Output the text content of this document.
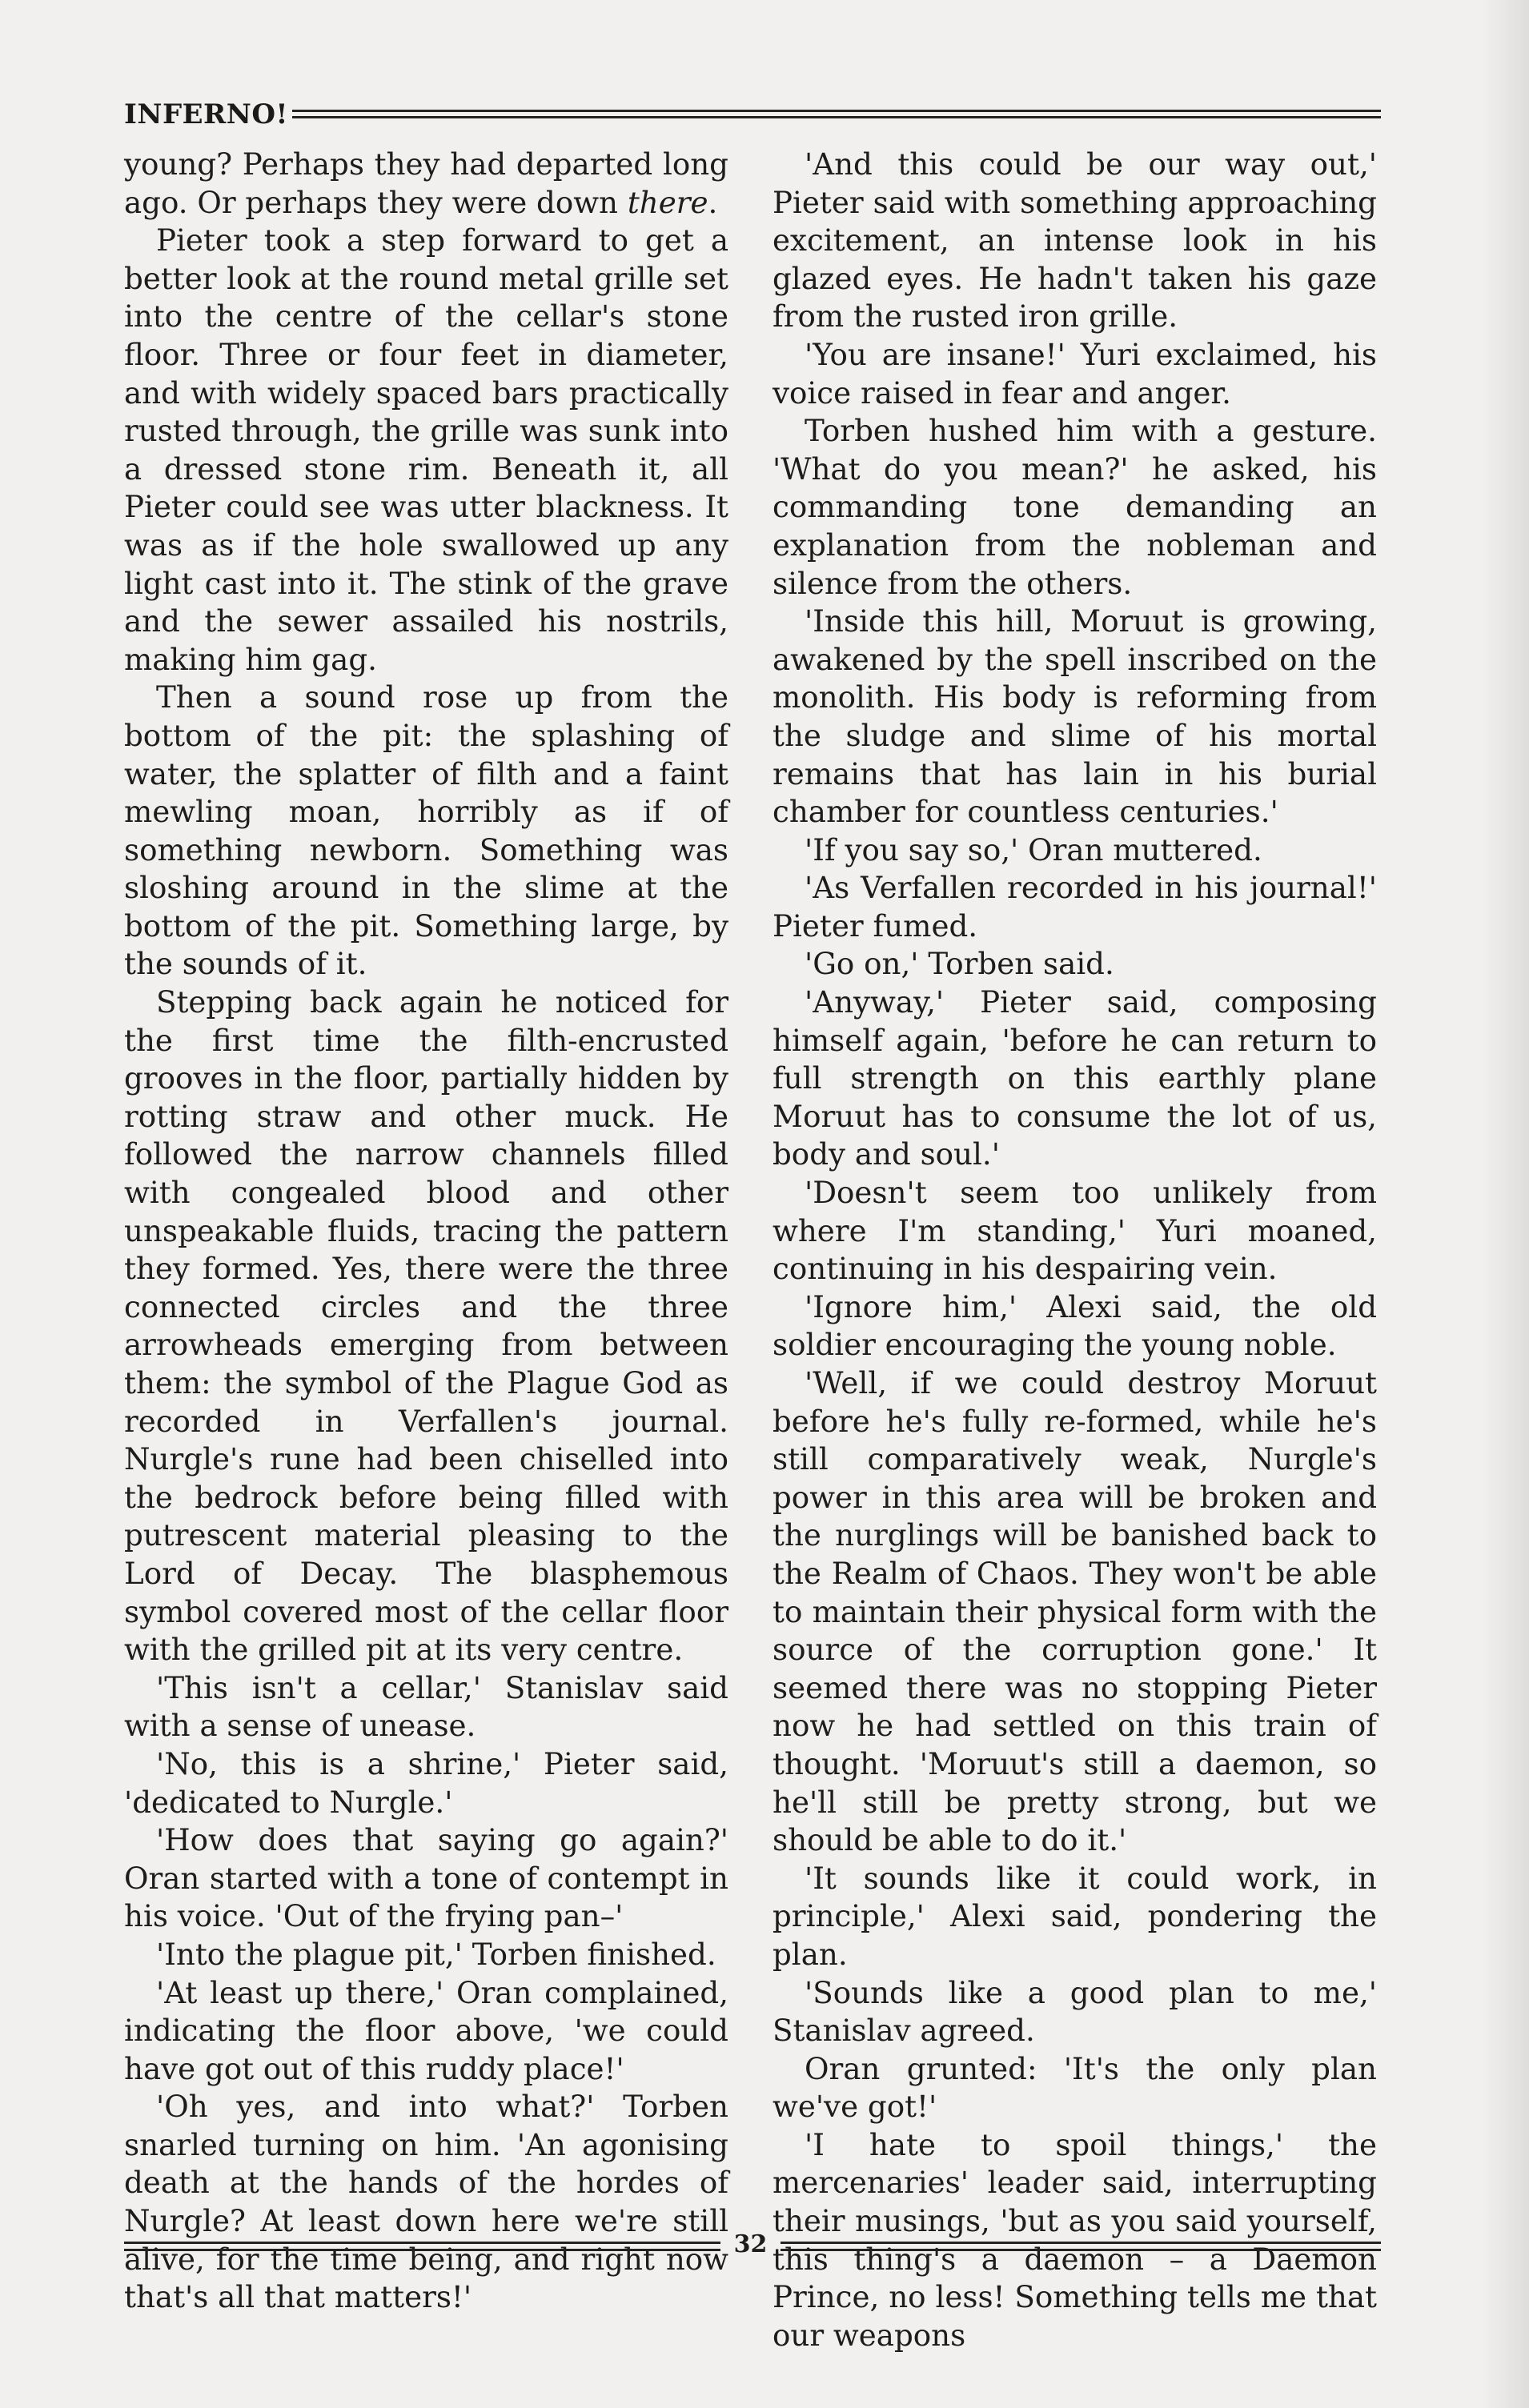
INFERNO!

young? Perhaps they had departed long ago. Or perhaps they were down there.

Pieter took a step forward to get a better look at the round metal grille set into the centre of the cellar's stone floor. Three or four feet in diameter, and with widely spaced bars practically rusted through, the grille was sunk into a dressed stone rim. Beneath it, all Pieter could see was utter blackness. It was as if the hole swallowed up any light cast into it. The stink of the grave and the sewer assailed his nostrils, making him gag.

Then a sound rose up from the bottom of the pit: the splashing of water, the splatter of filth and a faint mewling moan, horribly as if of something newborn. Something was sloshing around in the slime at the bottom of the pit. Something large, by the sounds of it.

Stepping back again he noticed for the first time the filth-encrusted grooves in the floor, partially hidden by rotting straw and other muck. He followed the narrow channels filled with congealed blood and other unspeakable fluids, tracing the pattern they formed. Yes, there were the three connected circles and the three arrowheads emerging from between them: the symbol of the Plague God as recorded in Verfallen's journal. Nurgle's rune had been chiselled into the bedrock before being filled with putrescent material pleasing to the Lord of Decay. The blasphemous symbol covered most of the cellar floor with the grilled pit at its very centre.

'This isn't a cellar,' Stanislav said with a sense of unease.

'No, this is a shrine,' Pieter said, 'dedicated to Nurgle.'

'How does that saying go again?' Oran started with a tone of contempt in his voice. 'Out of the frying pan–'

'Into the plague pit,' Torben finished.

'At least up there,' Oran complained, indicating the floor above, 'we could have got out of this ruddy place!'

'Oh yes, and into what?' Torben snarled turning on him. 'An agonising death at the hands of the hordes of Nurgle? At least down here we're still alive, for the time being, and right now that's all that matters!'

'And this could be our way out,' Pieter said with something approaching excitement, an intense look in his glazed eyes. He hadn't taken his gaze from the rusted iron grille.

'You are insane!' Yuri exclaimed, his voice raised in fear and anger.

Torben hushed him with a gesture. 'What do you mean?' he asked, his commanding tone demanding an explanation from the nobleman and silence from the others.

'Inside this hill, Moruut is growing, awakened by the spell inscribed on the monolith. His body is reforming from the sludge and slime of his mortal remains that has lain in his burial chamber for countless centuries.'

'If you say so,' Oran muttered.

'As Verfallen recorded in his journal!' Pieter fumed.

'Go on,' Torben said.

'Anyway,' Pieter said, composing himself again, 'before he can return to full strength on this earthly plane Moruut has to consume the lot of us, body and soul.'

'Doesn't seem too unlikely from where I'm standing,' Yuri moaned, continuing in his despairing vein.

'Ignore him,' Alexi said, the old soldier encouraging the young noble.

'Well, if we could destroy Moruut before he's fully re-formed, while he's still comparatively weak, Nurgle's power in this area will be broken and the nurglings will be banished back to the Realm of Chaos. They won't be able to maintain their physical form with the source of the corruption gone.' It seemed there was no stopping Pieter now he had settled on this train of thought. 'Moruut's still a daemon, so he'll still be pretty strong, but we should be able to do it.'

'It sounds like it could work, in principle,' Alexi said, pondering the plan.

'Sounds like a good plan to me,' Stanislav agreed.

Oran grunted: 'It's the only plan we've got!'

'I hate to spoil things,' the mercenaries' leader said, interrupting their musings, 'but as you said yourself, this thing's a daemon – a Daemon Prince, no less! Something tells me that our weapons

32
